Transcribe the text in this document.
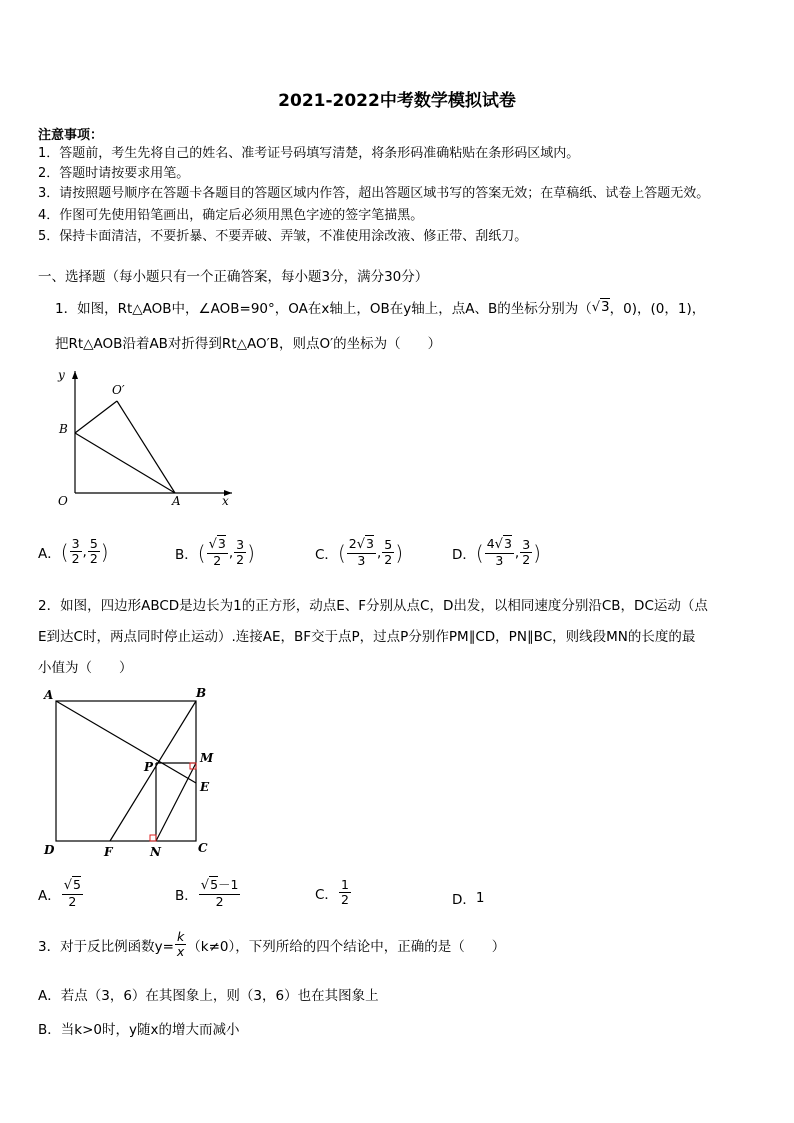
2021-2022中考数学模拟试卷
注意事项：
1．答题前，考生先将自己的姓名、准考证号码填写清楚，将条形码准确粘贴在条形码区域内。
2．答题时请按要求用笔。
3．请按照题号顺序在答题卡各题目的答题区域内作答，超出答题区域书写的答案无效；在草稿纸、试卷上答题无效。
4．作图可先使用铅笔画出，确定后必须用黑色字迹的签字笔描黑。
5．保持卡面清洁，不要折暴、不要弄破、弄皱，不准使用涂改液、修正带、刮纸刀。
一、选择题（每小题只有一个正确答案，每小题3分，满分30分）
1．如图，Rt△AOB中，∠AOB=90°，OA在x轴上，OB在y轴上，点A、B的坐标分别为（ √3 ，0)，(0，1)，
把Rt△AOB沿着AB对折得到Rt△AO′B，则点O′的坐标为（　　）
y
O′
B
O	A	x
A． ( $\frac{3}{2}$ , $\frac{5}{2}$ )	B． ( $\frac{√3}{2}$ , $\frac{3}{2}$ )	C． ( $\frac{2√3}{3}$ , $\frac{5}{2}$ )	D． ( $\frac{4√3}{3}$ , $\frac{3}{2}$ )
2．如图，四边形ABCD是边长为1的正方形，动点E、F分别从点C，D出发，以相同速度分别沿CB，DC运动（点
E到达C时，两点同时停止运动）.连接AE，BF交于点P，过点P分别作PM∥CD，PN∥BC，则线段MN的长度的最
小值为（　　）
A	B
P
M
E
D	F	N	C
A． $\frac{√5}{2}$	B． $\frac{√5-1}{2}$	C． $\frac{1}{2}$	D． 1
3．对于反比例函数$y= \frac{k}{x} (k\ne 0)$，下列所给的四个结论中，正确的是（　　）
A．若点（3，6）在其图象上，则（3，6）也在其图象上
B．当k>0时，y随x的增大而减小
